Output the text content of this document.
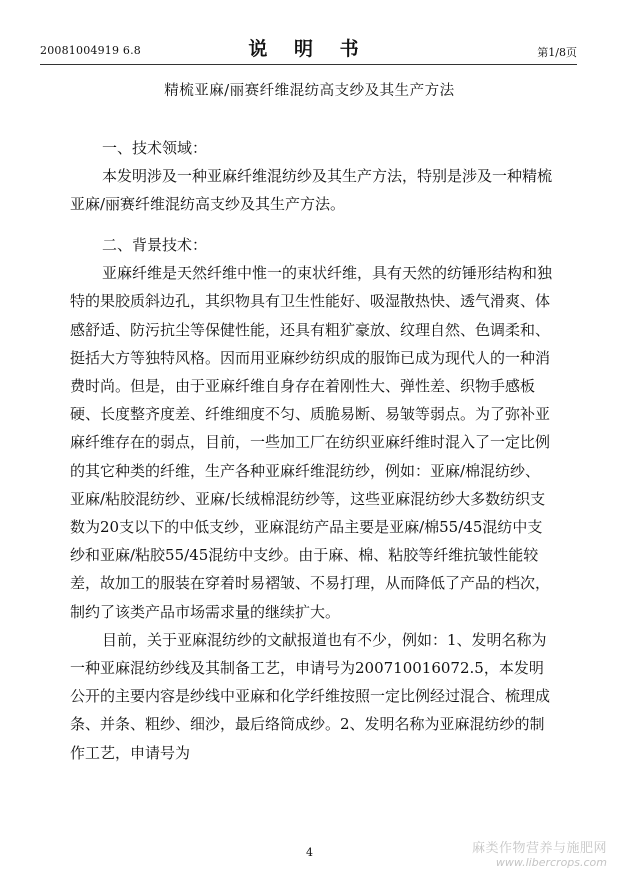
20081004919 6.8	说 明 书	第1/8页
精梳亚麻/丽赛纤维混纺高支纱及其生产方法

一、技术领域：

本发明涉及一种亚麻纤维混纺纱及其生产方法，特别是涉及一种精梳亚麻/丽赛纤维混纺高支纱及其生产方法。

二、背景技术：

亚麻纤维是天然纤维中惟一的束状纤维，具有天然的纺锤形结构和独特的果胶质斜边孔，其织物具有卫生性能好、吸湿散热快、透气滑爽、体感舒适、防污抗尘等保健性能，还具有粗犷豪放、纹理自然、色调柔和、挺括大方等独特风格。因而用亚麻纱纺织成的服饰已成为现代人的一种消费时尚。但是，由于亚麻纤维自身存在着刚性大、弹性差、织物手感板硬、长度整齐度差、纤维细度不匀、质脆易断、易皱等弱点。为了弥补亚麻纤维存在的弱点，目前，一些加工厂在纺织亚麻纤维时混入了一定比例的其它种类的纤维，生产各种亚麻纤维混纺纱，例如：亚麻/棉混纺纱、亚麻/粘胶混纺纱、亚麻/长绒棉混纺纱等，这些亚麻混纺纱大多数纺织支数为20支以下的中低支纱，亚麻混纺产品主要是亚麻/棉55/45混纺中支纱和亚麻/粘胶55/45混纺中支纱。由于麻、棉、粘胶等纤维抗皱性能较差，故加工的服装在穿着时易褶皱、不易打理，从而降低了产品的档次，制约了该类产品市场需求量的继续扩大。

目前，关于亚麻混纺纱的文献报道也有不少，例如：1、发明名称为一种亚麻混纺纱线及其制备工艺，申请号为200710016072.5，本发明公开的主要内容是纱线中亚麻和化学纤维按照一定比例经过混合、梳理成条、并条、粗纱、细沙，最后络筒成纱。2、发明名称为亚麻混纺纱的制作工艺，申请号为

4	麻类作物营养与施肥网
www.libercrops.com
